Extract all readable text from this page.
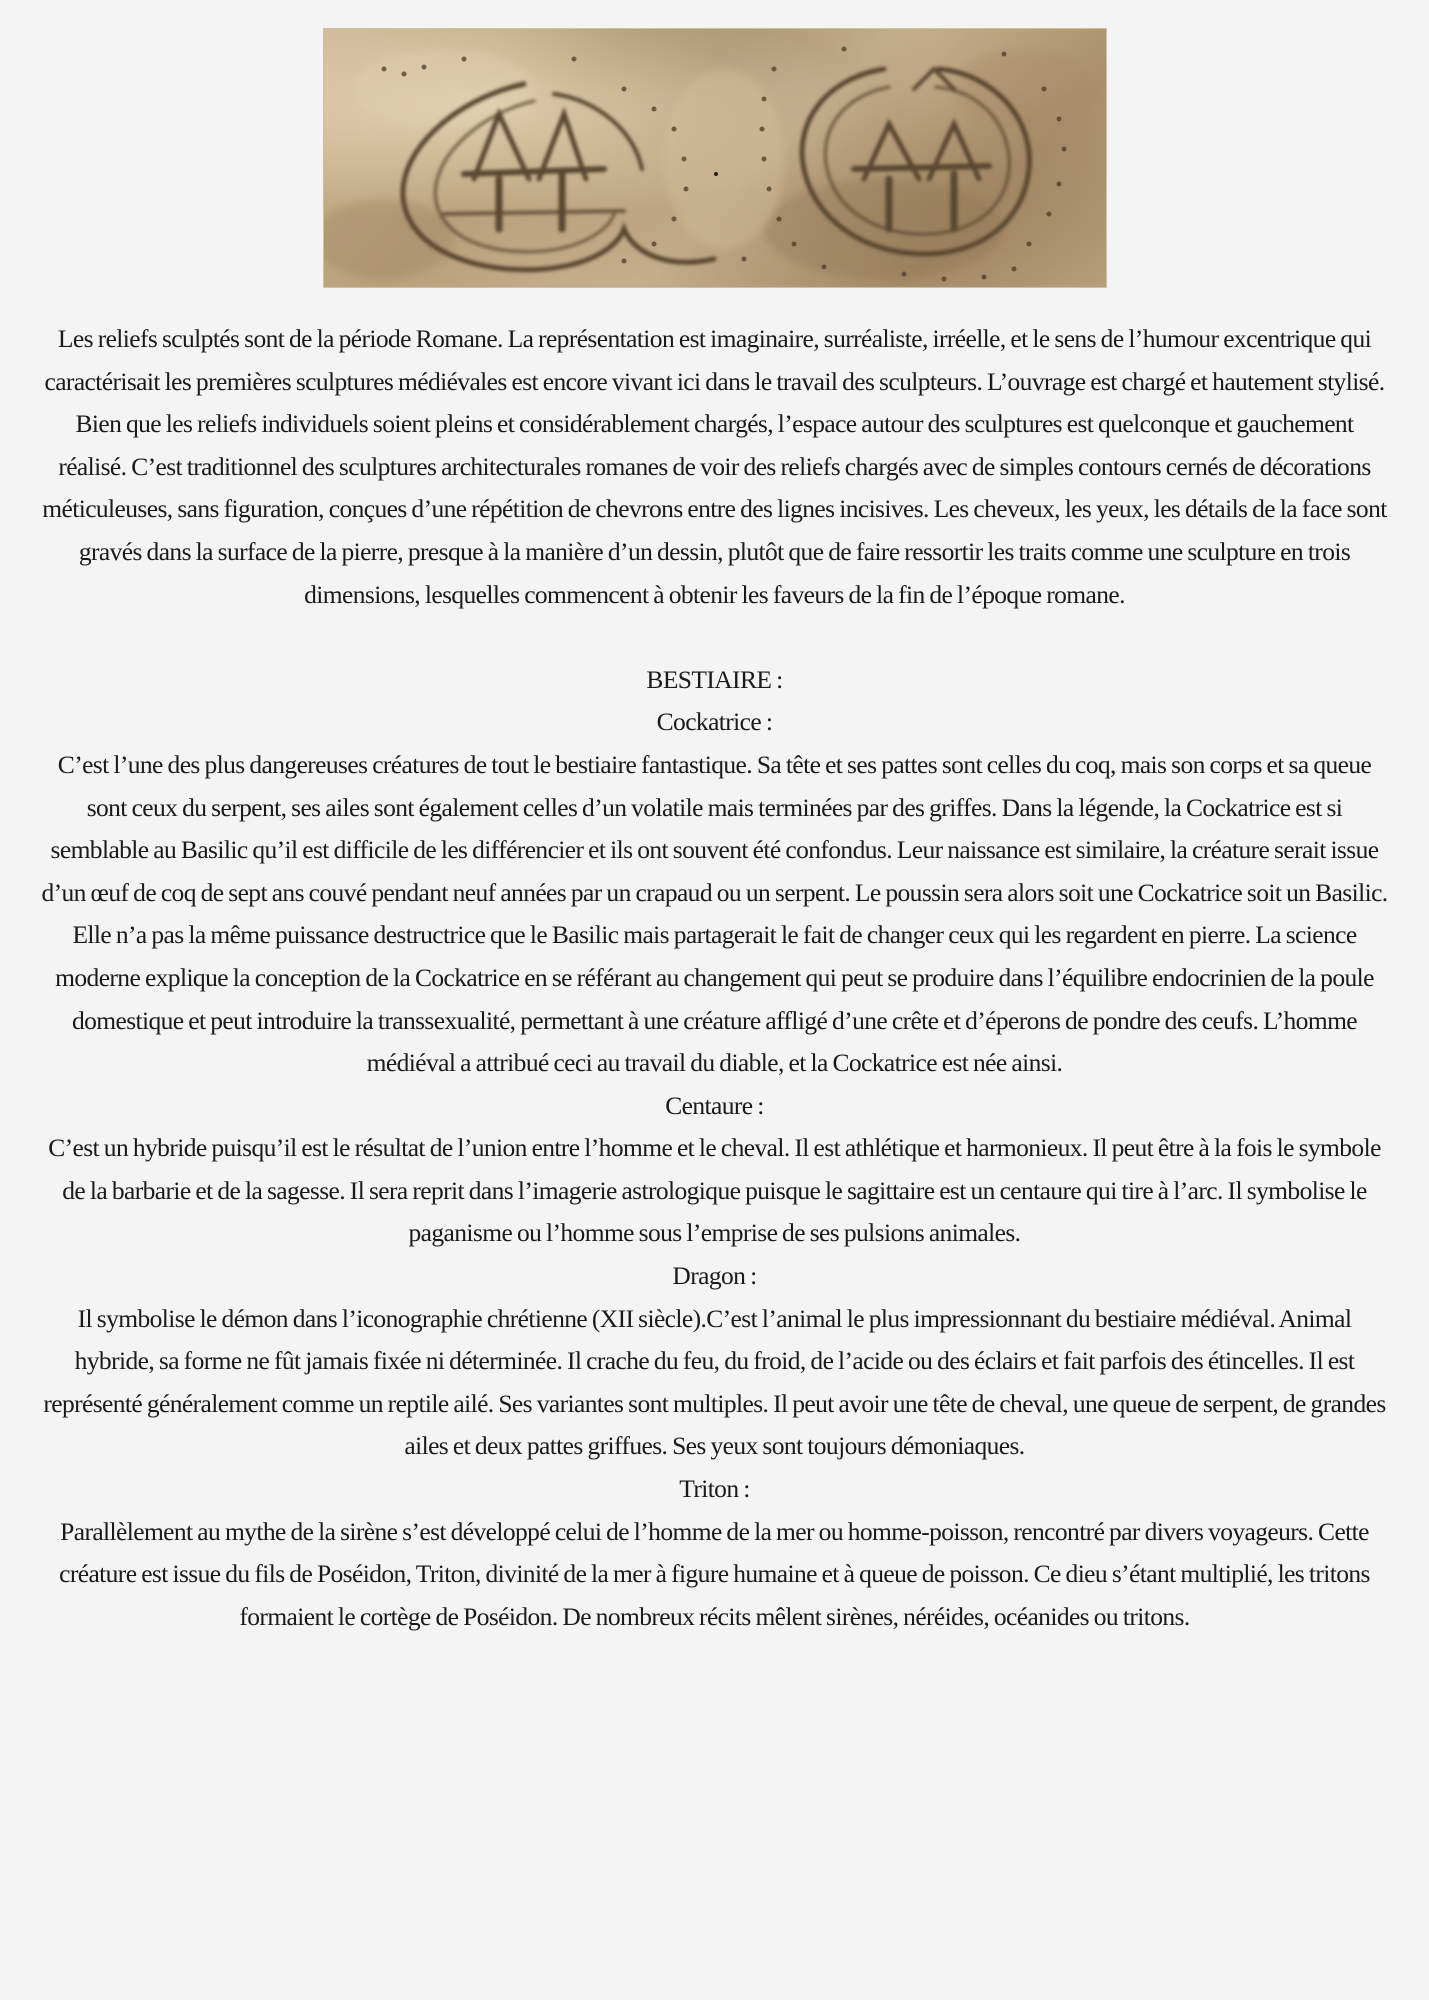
Les reliefs sculptés sont de la période Romane. La représentation est imaginaire, surréaliste, irréelle, et le sens de l’humour excentrique qui caractérisait les premières sculptures médiévales est encore vivant ici dans le travail des sculpteurs. L’ouvrage est chargé et hautement stylisé. Bien que les reliefs individuels soient pleins et considérablement chargés, l’espace autour des sculptures est quelconque et gauchement réalisé. C’est traditionnel des sculptures architecturales romanes de voir des reliefs chargés avec de simples contours cernés de décorations méticuleuses, sans figuration, conçues d’une répétition de chevrons entre des lignes incisives. Les cheveux, les yeux, les détails de la face sont gravés dans la surface de la pierre, presque à la manière d’un dessin, plutôt que de faire ressortir les traits comme une sculpture en trois dimensions, lesquelles commencent à obtenir les faveurs de la fin de l’époque romane.

BESTIAIRE :

Cockatrice :

C’est l’une des plus dangereuses créatures de tout le bestiaire fantastique. Sa tête et ses pattes sont celles du coq, mais son corps et sa queue sont ceux du serpent, ses ailes sont également celles d’un volatile mais terminées par des griffes. Dans la légende, la Cockatrice est si semblable au Basilic qu’il est difficile de les différencier et ils ont souvent été confondus. Leur naissance est similaire, la créature serait issue d’un œuf de coq de sept ans couvé pendant neuf années par un crapaud ou un serpent. Le poussin sera alors soit une Cockatrice soit un Basilic. Elle n’a pas la même puissance destructrice que le Basilic mais partagerait le fait de changer ceux qui les regardent en pierre. La science moderne explique la conception de la Cockatrice en se référant au changement qui peut se produire dans l’équilibre endocrinien de la poule domestique et peut introduire la transsexualité, permettant à une créature affligé d’une crête et d’éperons de pondre des ceufs. L’homme médiéval a attribué ceci au travail du diable, et la Cockatrice est née ainsi.

Centaure :

C’est un hybride puisqu’il est le résultat de l’union entre l’homme et le cheval. Il est athlétique et harmonieux. Il peut être à la fois le symbole de la barbarie et de la sagesse. Il sera reprit dans l’imagerie astrologique puisque le sagittaire est un centaure qui tire à l’arc. Il symbolise le paganisme ou l’homme sous l’emprise de ses pulsions animales.

Dragon :

Il symbolise le démon dans l’iconographie chrétienne (XII siècle).C’est l’animal le plus impressionnant du bestiaire médiéval. Animal hybride, sa forme ne fût jamais fixée ni déterminée. Il crache du feu, du froid, de l’acide ou des éclairs et fait parfois des étincelles. Il est représenté généralement comme un reptile ailé. Ses variantes sont multiples. Il peut avoir une tête de cheval, une queue de serpent, de grandes ailes et deux pattes griffues. Ses yeux sont toujours démoniaques.

Triton :

Parallèlement au mythe de la sirène s’est développé celui de l’homme de la mer ou homme-poisson, rencontré par divers voyageurs. Cette créature est issue du fils de Poséidon, Triton, divinité de la mer à figure humaine et à queue de poisson. Ce dieu s’étant multiplié, les tritons formaient le cortège de Poséidon. De nombreux récits mêlent sirènes, néréides, océanides ou tritons.
